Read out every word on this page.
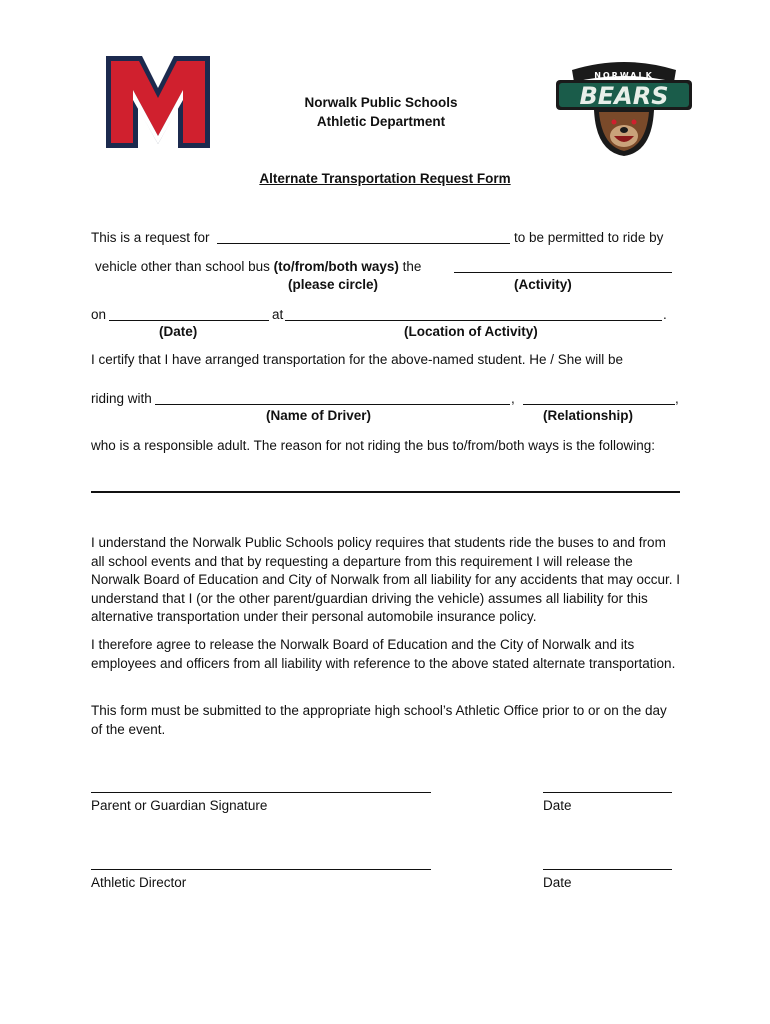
Norwalk Public Schools
Athletic Department
NORWALK
BEARS
Alternate Transportation Request Form
This is a request for	to be permitted to ride by
vehicle other than school bus (to/from/both ways) the
(please circle)	(Activity)
on	at	.
(Date)	(Location of Activity)
I certify that I have arranged transportation for the above-named student. He / She will be
riding with	,	,
(Name of Driver)	(Relationship)
who is a responsible adult. The reason for not riding the bus to/from/both ways is the following:
I understand the Norwalk Public Schools policy requires that students ride the buses to and from all school events and that by requesting a departure from this requirement I will release the Norwalk Board of Education and City of Norwalk from all liability for any accidents that may occur. I understand that I (or the other parent/guardian driving the vehicle) assumes all liability for this alternative transportation under their personal automobile insurance policy.
I therefore agree to release the Norwalk Board of Education and the City of Norwalk and its employees and officers from all liability with reference to the above stated alternate transportation.
This form must be submitted to the appropriate high school’s Athletic Office prior to or on the day of the event.
Parent or Guardian Signature	Date
Athletic Director	Date
